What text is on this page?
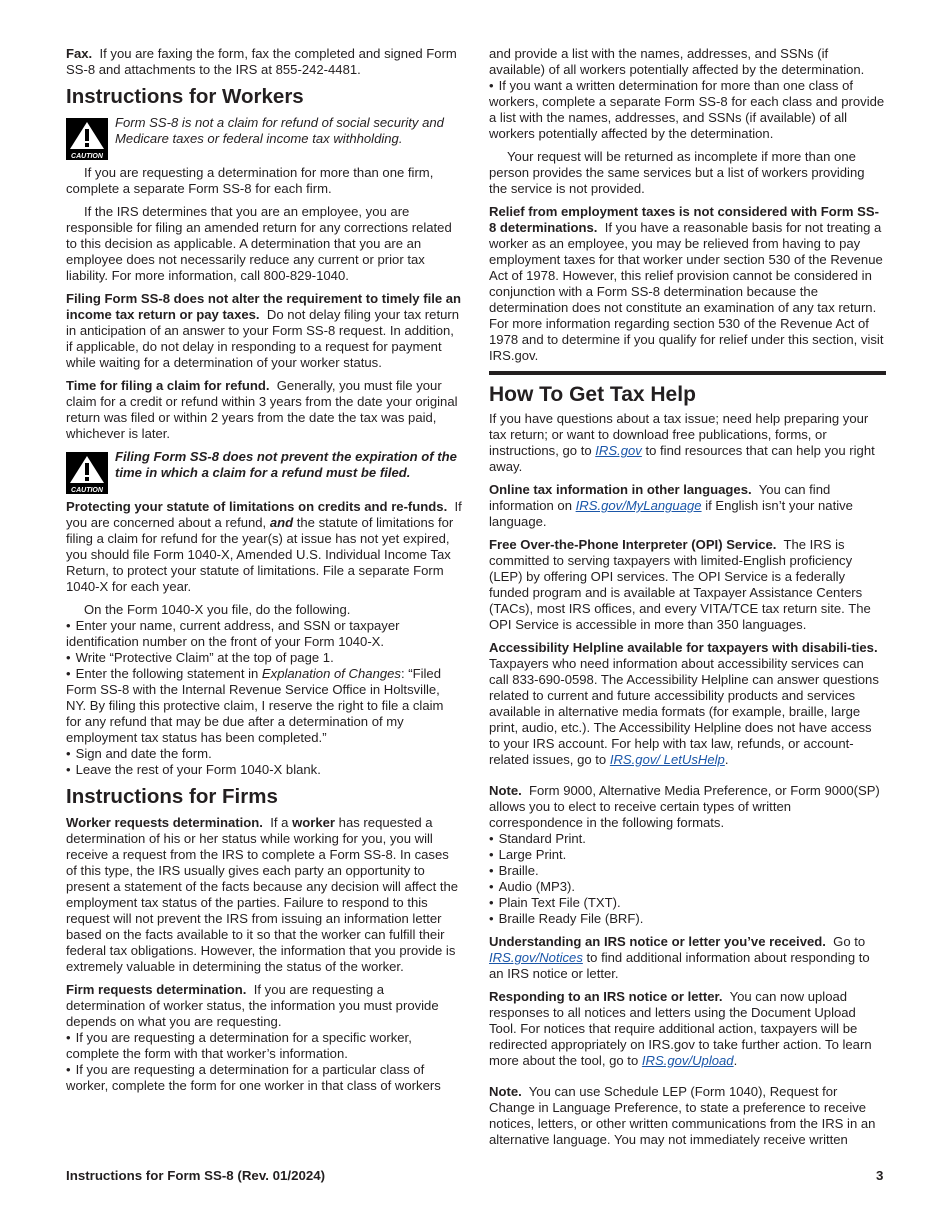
Fax. If you are faxing the form, fax the completed and signed Form SS-8 and attachments to the IRS at 855-242-4481.

Instructions for Workers
CAUTION
Form SS-8 is not a claim for refund of social security and Medicare taxes or federal income tax withholding.

If you are requesting a determination for more than one firm, complete a separate Form SS-8 for each firm.

If the IRS determines that you are an employee, you are responsible for filing an amended return for any corrections related to this decision as applicable. A determination that you are an employee does not necessarily reduce any current or prior tax liability. For more information, call 800-829-1040.

Filing Form SS-8 does not alter the requirement to timely file an income tax return or pay taxes. Do not delay filing your tax return in anticipation of an answer to your Form SS-8 request. In addition, if applicable, do not delay in responding to a request for payment while waiting for a determination of your worker status.

Time for filing a claim for refund. Generally, you must file your claim for a credit or refund within 3 years from the date your original return was filed or within 2 years from the date the tax was paid, whichever is later.

CAUTION
Filing Form SS-8 does not prevent the expiration of the time in which a claim for a refund must be filed.

Protecting your statute of limitations on credits and re-funds. If you are concerned about a refund, and the statute of limitations for filing a claim for refund for the year(s) at issue has not yet expired, you should file Form 1040-X, Amended U.S. Individual Income Tax Return, to protect your statute of limitations. File a separate Form 1040-X for each year.

On the Form 1040-X you file, do the following.

• Enter your name, current address, and SSN or taxpayer identification number on the front of your Form 1040-X.
• Write “Protective Claim” at the top of page 1.
• Enter the following statement in Explanation of Changes: “Filed Form SS-8 with the Internal Revenue Service Office in Holtsville, NY. By filing this protective claim, I reserve the right to file a claim for any refund that may be due after a determination of my employment tax status has been completed.”
• Sign and date the form.
• Leave the rest of your Form 1040-X blank.
Instructions for Firms

Worker requests determination. If a worker has requested a determination of his or her status while working for you, you will receive a request from the IRS to complete a Form SS-8. In cases of this type, the IRS usually gives each party an opportunity to present a statement of the facts because any decision will affect the employment tax status of the parties. Failure to respond to this request will not prevent the IRS from issuing an information letter based on the facts available to it so that the worker can fulfill their federal tax obligations. However, the information that you provide is extremely valuable in determining the status of the worker.

Firm requests determination. If you are requesting a determination of worker status, the information you must provide depends on what you are requesting.

• If you are requesting a determination for a specific worker, complete the form with that worker’s information.
• If you are requesting a determination for a particular class of worker, complete the form for one worker in that class of workers

and provide a list with the names, addresses, and SSNs (if available) of all workers potentially affected by the determination.

• If you want a written determination for more than one class of workers, complete a separate Form SS-8 for each class and provide a list with the names, addresses, and SSNs (if available) of all workers potentially affected by the determination.

Your request will be returned as incomplete if more than one person provides the same services but a list of workers providing the service is not provided.

Relief from employment taxes is not considered with Form SS-8 determinations. If you have a reasonable basis for not treating a worker as an employee, you may be relieved from having to pay employment taxes for that worker under section 530 of the Revenue Act of 1978. However, this relief provision cannot be considered in conjunction with a Form SS-8 determination because the determination does not constitute an examination of any tax return. For more information regarding section 530 of the Revenue Act of 1978 and to determine if you qualify for relief under this section, visit IRS.gov.

How To Get Tax Help

If you have questions about a tax issue; need help preparing your tax return; or want to download free publications, forms, or instructions, go to IRS.gov to find resources that can help you right away.

Online tax information in other languages. You can find information on IRS.gov/MyLanguage if English isn’t your native language.

Free Over-the-Phone Interpreter (OPI) Service. The IRS is committed to serving taxpayers with limited-English proficiency (LEP) by offering OPI services. The OPI Service is a federally funded program and is available at Taxpayer Assistance Centers (TACs), most IRS offices, and every VITA/TCE tax return site. The OPI Service is accessible in more than 350 languages.

Accessibility Helpline available for taxpayers with disabili-ties.  Taxpayers who need information about accessibility services can call 833-690-0598. The Accessibility Helpline can answer questions related to current and future accessibility products and services available in alternative media formats (for example, braille, large print, audio, etc.). The Accessibility Helpline does not have access to your IRS account. For help with tax law, refunds, or account-related issues, go to IRS.gov/ LetUsHelp.

Note. Form 9000, Alternative Media Preference, or Form 9000(SP) allows you to elect to receive certain types of written correspondence in the following formats.

• Standard Print.
• Large Print.
• Braille.
• Audio (MP3).
• Plain Text File (TXT).
• Braille Ready File (BRF).

Understanding an IRS notice or letter you’ve received. Go to IRS.gov/Notices to find additional information about responding to an IRS notice or letter.

Responding to an IRS notice or letter. You can now upload responses to all notices and letters using the Document Upload Tool. For notices that require additional action, taxpayers will be redirected appropriately on IRS.gov to take further action. To learn more about the tool, go to IRS.gov/Upload.

Note. You can use Schedule LEP (Form 1040), Request for Change in Language Preference, to state a preference to receive notices, letters, or other written communications from the IRS in an alternative language. You may not immediately receive written

Instructions for Form SS-8 (Rev. 01/2024)	3
